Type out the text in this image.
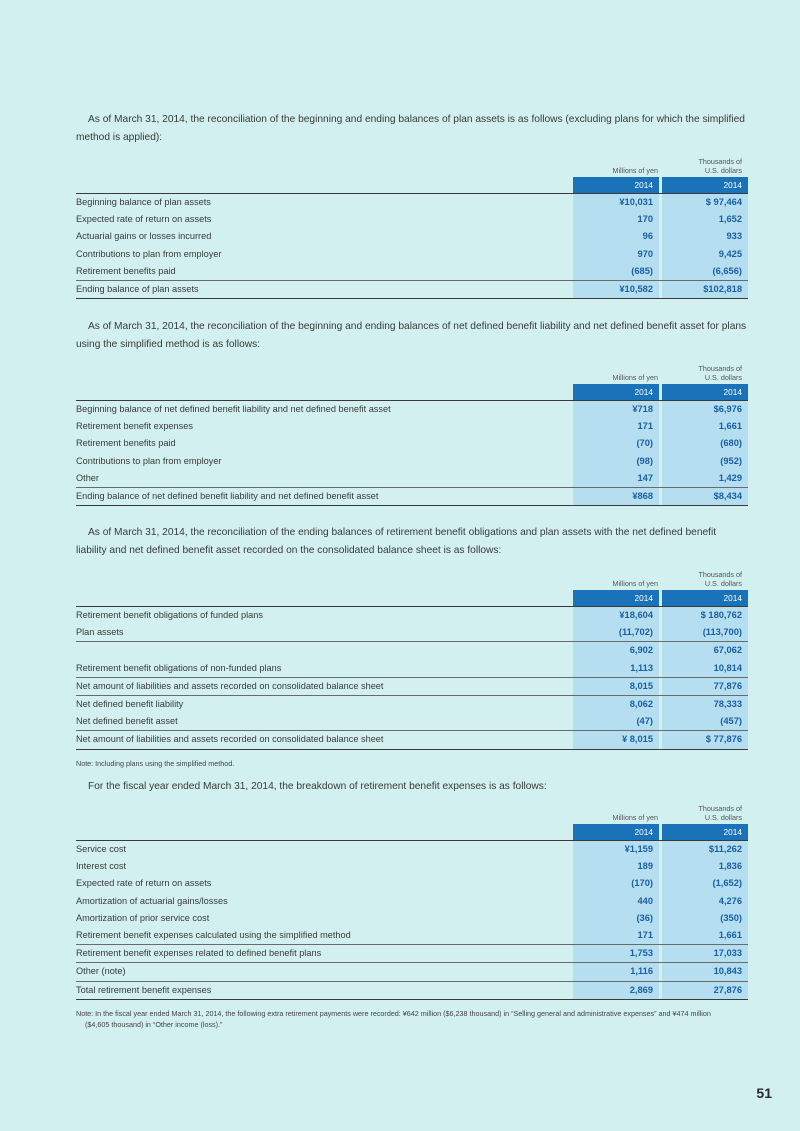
As of March 31, 2014, the reconciliation of the beginning and ending balances of plan assets is as follows (excluding plans for which the simplified method is applied):

Millions of yen
Thousands of
U.S. dollars
	2014		2014
Beginning balance of plan assets	¥10,031		$ 97,464
Expected rate of return on assets	170		1,652
Actuarial gains or losses incurred	96		933
Contributions to plan from employer	970		9,425
Retirement benefits paid	(685)		(6,656)
Ending balance of plan assets	¥10,582		$102,818

As of March 31, 2014, the reconciliation of the beginning and ending balances of net defined benefit liability and net defined benefit asset for plans using the simplified method is as follows:

Millions of yen
Thousands of
U.S. dollars
	2014		2014
Beginning balance of net defined benefit liability and net defined benefit asset	¥718		$6,976
Retirement benefit expenses	171		1,661
Retirement benefits paid	(70)		(680)
Contributions to plan from employer	(98)		(952)
Other	147		1,429
Ending balance of net defined benefit liability and net defined benefit asset	¥868		$8,434

As of March 31, 2014, the reconciliation of the ending balances of retirement benefit obligations and plan assets with the net defined benefit liability and net defined benefit asset recorded on the consolidated balance sheet is as follows:

Millions of yen
Thousands of
U.S. dollars
	2014		2014
Retirement benefit obligations of funded plans	¥18,604		$ 180,762
Plan assets	(11,702)		(113,700)
	6,902		67,062
Retirement benefit obligations of non-funded plans	1,113		10,814
Net amount of liabilities and assets recorded on consolidated balance sheet	8,015		77,876
Net defined benefit liability	8,062		78,333
Net defined benefit asset	(47)		(457)
Net amount of liabilities and assets recorded on consolidated balance sheet	¥ 8,015		$ 77,876
Note: Including plans using the simplified method.

For the fiscal year ended March 31, 2014, the breakdown of retirement benefit expenses is as follows:

Millions of yen
Thousands of
U.S. dollars
	2014		2014
Service cost	¥1,159		$11,262
Interest cost	189		1,836
Expected rate of return on assets	(170)		(1,652)
Amortization of actuarial gains/losses	440		4,276
Amortization of prior service cost	(36)		(350)
Retirement benefit expenses calculated using the simplified method	171		1,661
Retirement benefit expenses related to defined benefit plans	1,753		17,033
Other (note)	1,116		10,843
Total retirement benefit expenses	2,869		27,876
Note: In the fiscal year ended March 31, 2014, the following extra retirement payments were recorded: ¥642 million ($6,238 thousand) in “Selling general and administrative expenses” and ¥474 million
($4,605 thousand) in “Other income (loss).”
51
